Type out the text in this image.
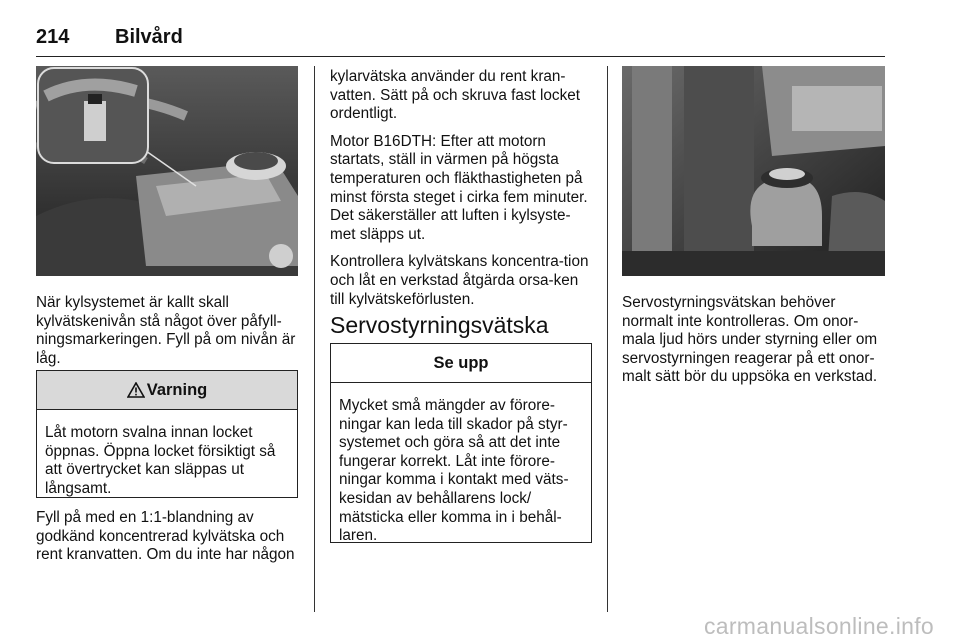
214 Bilvård

När kylsystemet är kallt skall kylvätskenivån stå något över påfyll-ningsmarkeringen. Fyll på om nivån är låg.

Varning
Låt motorn svalna innan locket öppnas. Öppna locket försiktigt så att övertrycket kan släppas ut långsamt.

Fyll på med en 1:1-blandning av godkänd koncentrerad kylvätska och rent kranvatten. Om du inte har någon

kylarvätska använder du rent kran-vatten. Sätt på och skruva fast locket ordentligt.

Motor B16DTH: Efter att motorn startats, ställ in värmen på högsta temperaturen och fläkthastigheten på minst första steget i cirka fem minuter. Det säkerställer att luften i kylsyste-met släpps ut.

Kontrollera kylvätskans koncentra-tion och låt en verkstad åtgärda orsa-ken till kylvätskeförlusten.

Servostyrningsvätska
Se upp
Mycket små mängder av förore-ningar kan leda till skador på styr-systemet och göra så att det inte fungerar korrekt. Låt inte förore-ningar komma i kontakt med väts-kesidan av behållarens lock/ mätsticka eller komma in i behål-laren.

Servostyrningsvätskan behöver normalt inte kontrolleras. Om onor-mala ljud hörs under styrning eller om servostyrningen reagerar på ett onor-malt sätt bör du uppsöka en verkstad.

carmanualsonline.info
